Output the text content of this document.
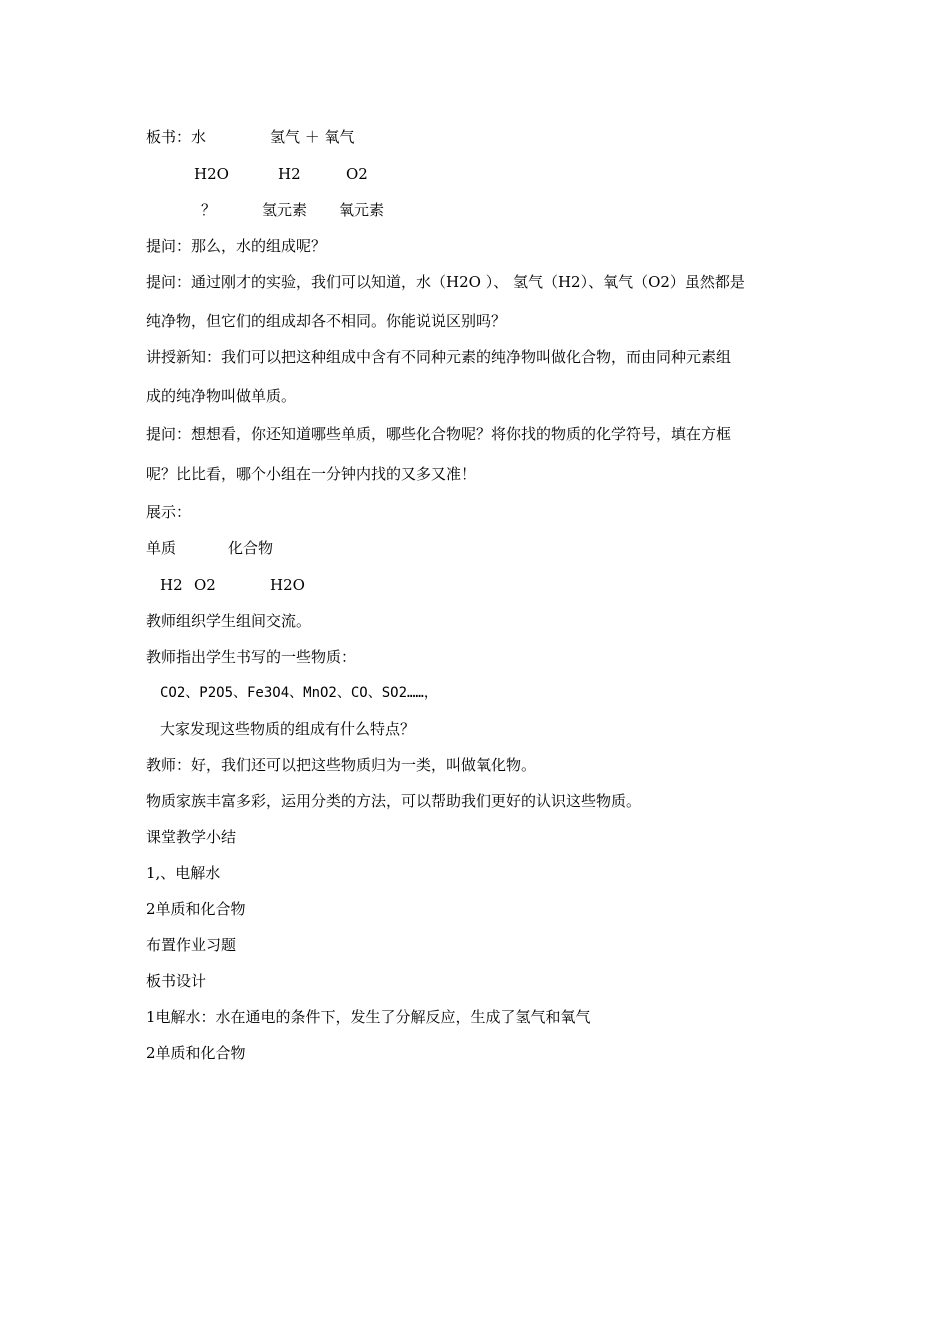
板书：水	氢气 ＋ 氧气
H2O	H2	O2
？	氢元素 氧元素
提问：那么，水的组成呢？
提问：通过刚才的实验，我们可以知道，水（H2O ）、 氢气（H2）、氧气（O2）虽然都是
纯净物，但它们的组成却各不相同。你能说说区别吗？
讲授新知：我们可以把这种组成中含有不同种元素的纯净物叫做化合物，而由同种元素组
成的纯净物叫做单质。
提问：想想看，你还知道哪些单质，哪些化合物呢？将你找的物质的化学符号，填在方框
呢？比比看，哪个小组在一分钟内找的又多又准！
展示：
单质	化合物
H2 O2	H2O
教师组织学生组间交流。
教师指出学生书写的一些物质：
CO2、P2O5、Fe3O4、MnO2、CO、SO2……，
大家发现这些物质的组成有什么特点？
教师：好，我们还可以把这些物质归为一类，叫做氧化物。
物质家族丰富多彩，运用分类的方法，可以帮助我们更好的认识这些物质。
课堂教学小结
1,、电解水
2单质和化合物
布置作业习题
板书设计
1电解水：水在通电的条件下，发生了分解反应，生成了氢气和氧气
2单质和化合物
